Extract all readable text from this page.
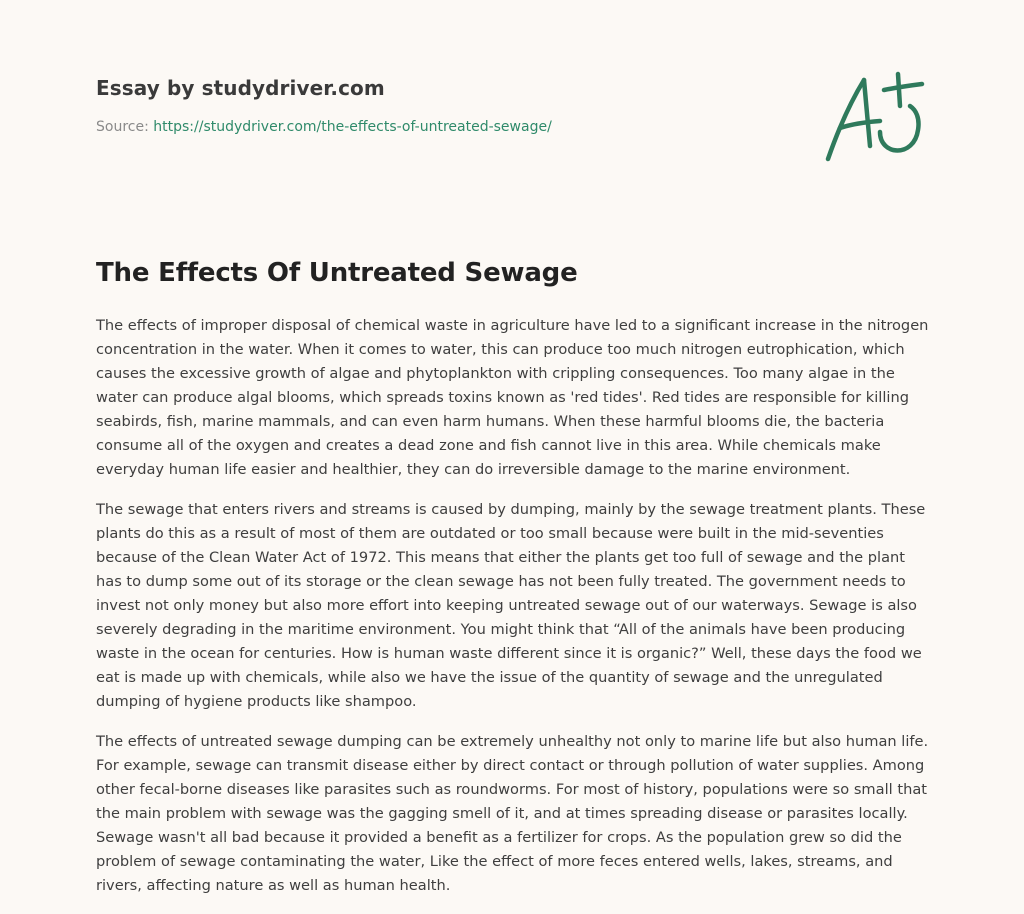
Essay by studydriver.com
Source: https://studydriver.com/the-effects-of-untreated-sewage/
The Effects Of Untreated Sewage

The effects of improper disposal of chemical waste in agriculture have led to a significant increase in the nitrogen concentration in the water. When it comes to water, this can produce too much nitrogen eutrophication, which causes the excessive growth of algae and phytoplankton with crippling consequences. Too many algae in the water can produce algal blooms, which spreads toxins known as 'red tides'. Red tides are responsible for killing seabirds, fish, marine mammals, and can even harm humans. When these harmful blooms die, the bacteria consume all of the oxygen and creates a dead zone and fish cannot live in this area. While chemicals make everyday human life easier and healthier, they can do irreversible damage to the marine environment.

The sewage that enters rivers and streams is caused by dumping, mainly by the sewage treatment plants. These plants do this as a result of most of them are outdated or too small because were built in the mid-seventies because of the Clean Water Act of 1972. This means that either the plants get too full of sewage and the plant has to dump some out of its storage or the clean sewage has not been fully treated. The government needs to invest not only money but also more effort into keeping untreated sewage out of our waterways. Sewage is also severely degrading in the maritime environment. You might think that “All of the animals have been producing waste in the ocean for centuries. How is human waste different since it is organic?” Well, these days the food we eat is made up with chemicals, while also we have the issue of the quantity of sewage and the unregulated dumping of hygiene products like shampoo.

The effects of untreated sewage dumping can be extremely unhealthy not only to marine life but also human life. For example, sewage can transmit disease either by direct contact or through pollution of water supplies. Among other fecal-borne diseases like parasites such as roundworms. For most of history, populations were so small that the main problem with sewage was the gagging smell of it, and at times spreading disease or parasites locally. Sewage wasn't all bad because it provided a benefit as a fertilizer for crops. As the population grew so did the problem of sewage contaminating the water, Like the effect of more feces entered wells, lakes, streams, and rivers, affecting nature as well as human health.
